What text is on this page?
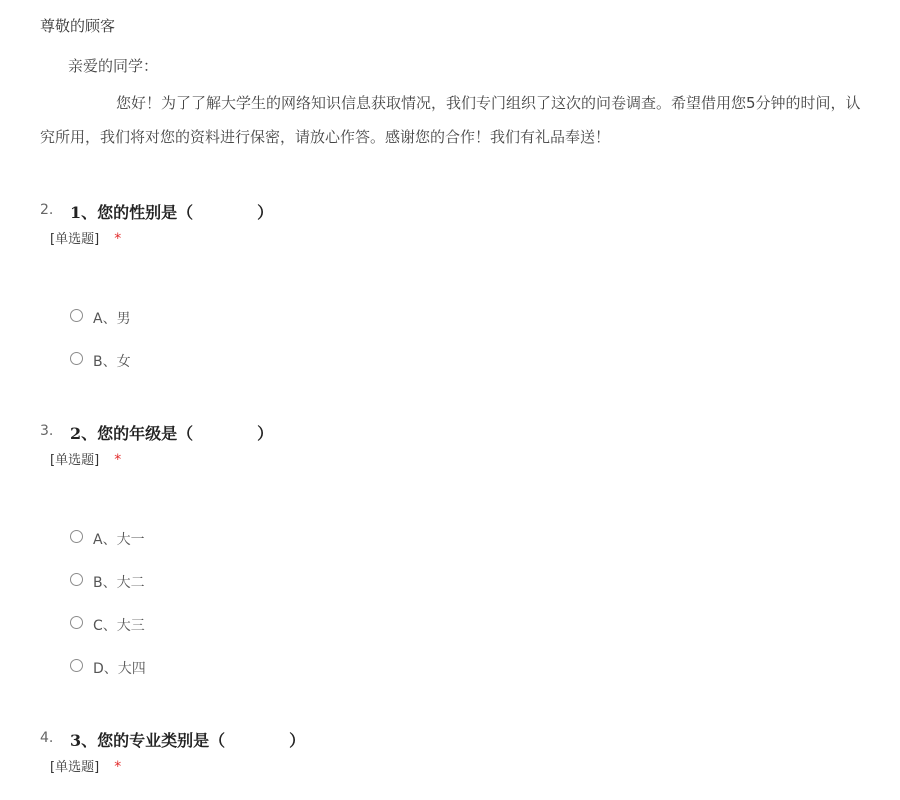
尊敬的顾客
亲爱的同学：
您好！为了了解大学生的网络知识信息获取情况，我们专门组织了这次的问卷调查。希望借用您5分钟的时间，认
究所用，我们将对您的资料进行保密，请放心作答。感谢您的合作！我们有礼品奉送！
2. 1、您的性别是（　　　　）
[单选题] *
A、男
B、女
3. 2、您的年级是（　　　　）
[单选题] *
A、大一
B、大二
C、大三
D、大四
4. 3、您的专业类别是（　　　　）
[单选题] *
